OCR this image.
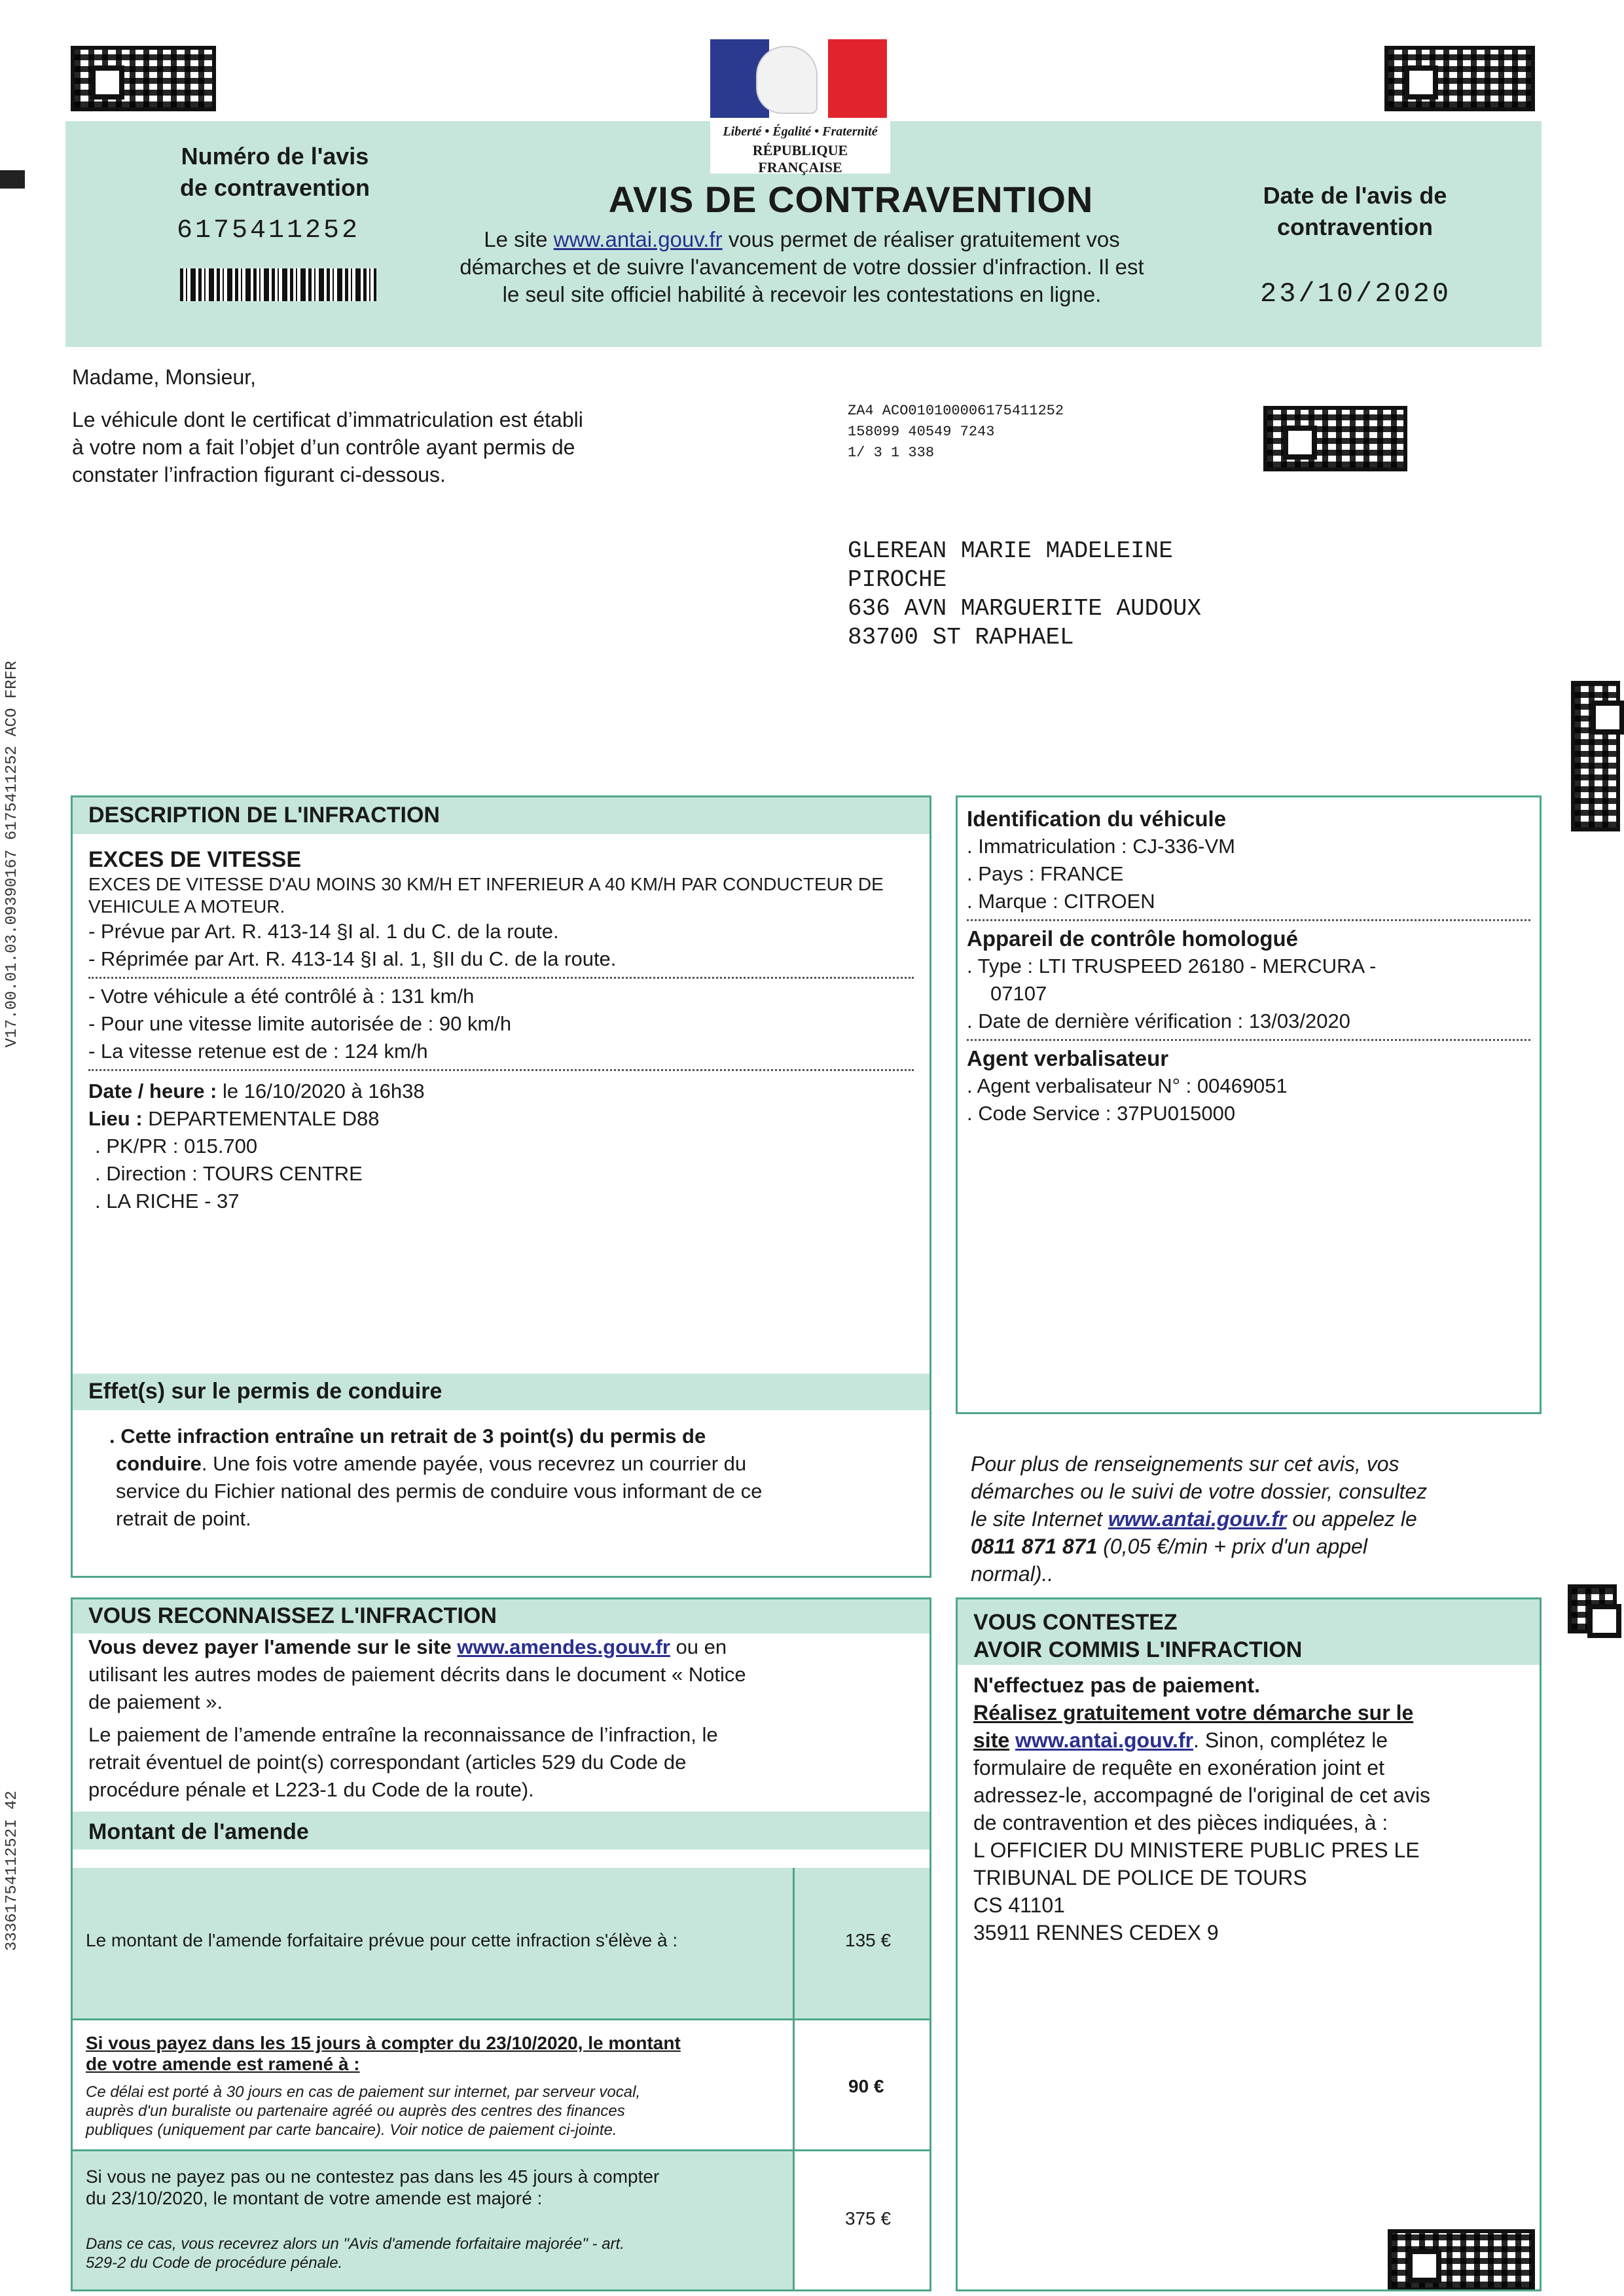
Liberté • Égalité • Fraternité
RÉPUBLIQUE FRANÇAISE
Numéro de l'avis
de contravention
6175411252
AVIS DE CONTRAVENTION
Le site www.antai.gouv.fr vous permet de réaliser gratuitement vos
démarches et de suivre l'avancement de votre dossier d'infraction. Il est
le seul site officiel habilité à recevoir les contestations en ligne.
Date de l'avis de
contravention
23/10/2020
V17.00.01.03.09390167 6175411252 ACO FRFR
3336175411252I 42
Madame, Monsieur,
Le véhicule dont le certificat d’immatriculation est établi
à votre nom a fait l’objet d’un contrôle ayant permis de
constater l’infraction figurant ci-dessous.
ZA4 ACO010100006175411252
158099 40549 7243
1/ 3 1 338
GLEREAN MARIE MADELEINE
PIROCHE
636 AVN MARGUERITE AUDOUX
83700 ST RAPHAEL
DESCRIPTION DE L'INFRACTION
EXCES DE VITESSE
EXCES DE VITESSE D'AU MOINS 30 KM/H ET INFERIEUR A 40 KM/H PAR CONDUCTEUR DE
VEHICULE A MOTEUR.
- Prévue par Art. R. 413-14 §I al. 1 du C. de la route.
- Réprimée par Art. R. 413-14 §I al. 1, §II du C. de la route.
- Votre véhicule a été contrôlé à : 131 km/h
- Pour une vitesse limite autorisée de : 90 km/h
- La vitesse retenue est de : 124 km/h
Date / heure : le 16/10/2020 à 16h38
Lieu : DEPARTEMENTALE D88
. PK/PR : 015.700
. Direction : TOURS CENTRE
. LA RICHE - 37
Effet(s) sur le permis de conduire
. Cette infraction entraîne un retrait de 3 point(s) du permis de
conduire. Une fois votre amende payée, vous recevrez un courrier du
service du Fichier national des permis de conduire vous informant de ce
retrait de point.
Identification du véhicule
. Immatriculation : CJ-336-VM
. Pays : FRANCE
. Marque : CITROEN
Appareil de contrôle homologué
. Type : LTI TRUSPEED 26180 - MERCURA -
07107
. Date de dernière vérification : 13/03/2020
Agent verbalisateur
. Agent verbalisateur N° : 00469051
. Code Service : 37PU015000
Pour plus de renseignements sur cet avis, vos
démarches ou le suivi de votre dossier, consultez
le site Internet www.antai.gouv.fr ou appelez le
0811 871 871 (0,05 €/min + prix d'un appel
normal)..
VOUS RECONNAISSEZ L'INFRACTION
Vous devez payer l'amende sur le site www.amendes.gouv.fr ou en
utilisant les autres modes de paiement décrits dans le document « Notice
de paiement ».
Le paiement de l’amende entraîne la reconnaissance de l’infraction, le
retrait éventuel de point(s) correspondant (articles 529 du Code de
procédure pénale et L223-1 du Code de la route).
Montant de l'amende
Le montant de l'amende forfaitaire prévue pour cette infraction s'élève à :	135 €
Si vous payez dans les 15 jours à compter du 23/10/2020, le montant
de votre amende est ramené à :
Ce délai est porté à 30 jours en cas de paiement sur internet, par serveur vocal,
auprès d'un buraliste ou partenaire agréé ou auprès des centres des finances
publiques (uniquement par carte bancaire). Voir notice de paiement ci-jointe.
90 €
Si vous ne payez pas ou ne contestez pas dans les 45 jours à compter
du 23/10/2020, le montant de votre amende est majoré :
Dans ce cas, vous recevrez alors un "Avis d'amende forfaitaire majorée" - art.
529-2 du Code de procédure pénale.
375 €
VOUS CONTESTEZ
AVOIR COMMIS L'INFRACTION
N'effectuez pas de paiement.
Réalisez gratuitement votre démarche sur le
site www.antai.gouv.fr. Sinon, complétez le
formulaire de requête en exonération joint et
adressez-le, accompagné de l'original de cet avis
de contravention et des pièces indiquées, à :
L OFFICIER DU MINISTERE PUBLIC PRES LE
TRIBUNAL DE POLICE DE TOURS
CS 41101
35911 RENNES CEDEX 9
